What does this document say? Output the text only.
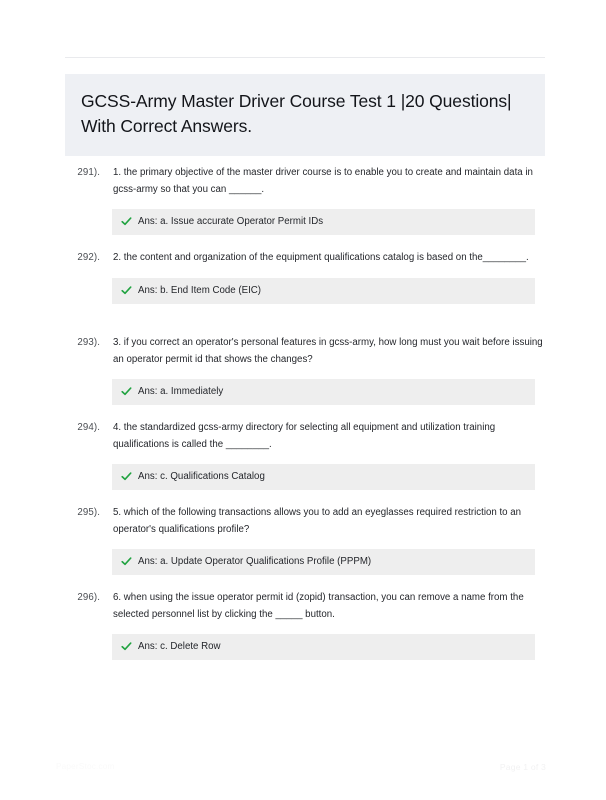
GCSS-Army Master Driver Course Test 1 |20 Questions| With Correct Answers.
291). 1. the primary objective of the master driver course is to enable you to create and maintain data in gcss-army so that you can ______.
Ans: a. Issue accurate Operator Permit IDs
292). 2. the content and organization of the equipment qualifications catalog is based on the________.
Ans: b. End Item Code (EIC)
293). 3. if you correct an operator's personal features in gcss-army, how long must you wait before issuing an operator permit id that shows the changes?
Ans: a. Immediately
294). 4. the standardized gcss-army directory for selecting all equipment and utilization training qualifications is called the ________.
Ans: c. Qualifications Catalog
295). 5. which of the following transactions allows you to add an eyeglasses required restriction to an operator's qualifications profile?
Ans: a. Update Operator Qualifications Profile (PPPM)
296). 6. when using the issue operator permit id (zopid) transaction, you can remove a name from the selected personnel list by clicking the _____ button.
Ans: c. Delete Row
PaperStoc.com	Page 1 of 3
